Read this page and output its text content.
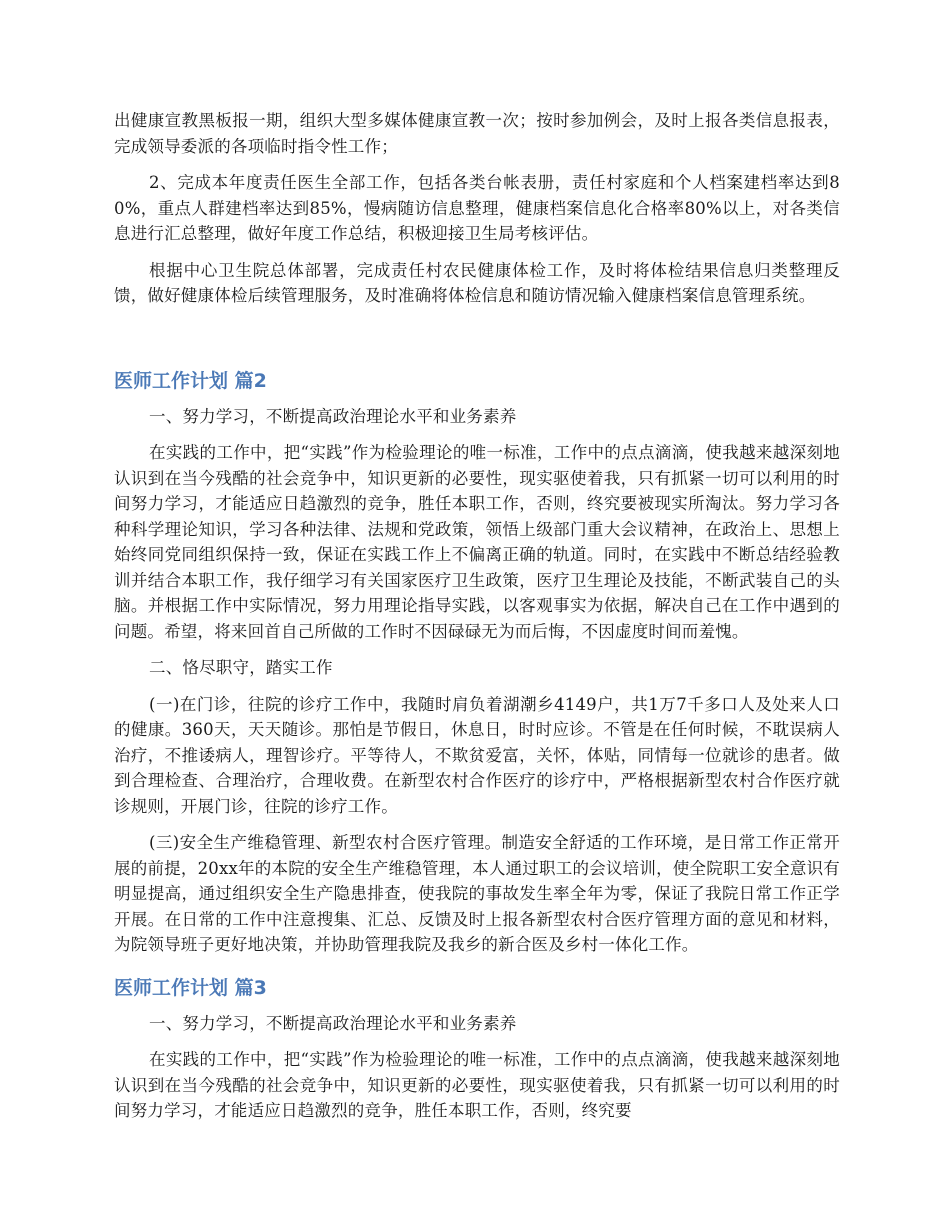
出健康宣教黑板报一期，组织大型多媒体健康宣教一次；按时参加例会，及时上报各类信息报表，完成领导委派的各项临时指令性工作；

2、完成本年度责任医生全部工作，包括各类台帐表册，责任村家庭和个人档案建档率达到80%，重点人群建档率达到85%，慢病随访信息整理，健康档案信息化合格率80%以上，对各类信息进行汇总整理，做好年度工作总结，积极迎接卫生局考核评估。

根据中心卫生院总体部署，完成责任村农民健康体检工作，及时将体检结果信息归类整理反馈，做好健康体检后续管理服务，及时准确将体检信息和随访情况输入健康档案信息管理系统。

医师工作计划 篇2

一、努力学习，不断提高政治理论水平和业务素养

在实践的工作中，把“实践”作为检验理论的唯一标准，工作中的点点滴滴，使我越来越深刻地认识到在当今残酷的社会竞争中，知识更新的必要性，现实驱使着我，只有抓紧一切可以利用的时间努力学习，才能适应日趋激烈的竞争，胜任本职工作，否则，终究要被现实所淘汰。努力学习各种科学理论知识，学习各种法律、法规和党政策，领悟上级部门重大会议精神，在政治上、思想上始终同党同组织保持一致，保证在实践工作上不偏离正确的轨道。同时，在实践中不断总结经验教训并结合本职工作，我仔细学习有关国家医疗卫生政策，医疗卫生理论及技能，不断武装自己的头脑。并根据工作中实际情况，努力用理论指导实践，以客观事实为依据，解决自己在工作中遇到的问题。希望，将来回首自己所做的工作时不因碌碌无为而后悔，不因虚度时间而羞愧。

二、恪尽职守，踏实工作

(一)在门诊，往院的诊疗工作中，我随时肩负着湖潮乡4149户，共1万7千多口人及处来人口的健康。360天，天天随诊。那怕是节假日，休息日，时时应诊。不管是在任何时候，不耽误病人治疗，不推诿病人，理智诊疗。平等待人，不欺贫爱富，关怀，体贴，同情每一位就诊的患者。做到合理检查、合理治疗，合理收费。在新型农村合作医疗的诊疗中，严格根据新型农村合作医疗就诊规则，开展门诊，往院的诊疗工作。

(三)安全生产维稳管理、新型农村合医疗管理。制造安全舒适的工作环境，是日常工作正常开展的前提，20xx年的本院的安全生产维稳管理，本人通过职工的会议培训，使全院职工安全意识有明显提高，通过组织安全生产隐患排查，使我院的事故发生率全年为零，保证了我院日常工作正学开展。在日常的工作中注意搜集、汇总、反馈及时上报各新型农村合医疗管理方面的意见和材料，为院领导班子更好地决策，并协助管理我院及我乡的新合医及乡村一体化工作。

医师工作计划 篇3

一、努力学习，不断提高政治理论水平和业务素养

在实践的工作中，把“实践”作为检验理论的唯一标准，工作中的点点滴滴，使我越来越深刻地认识到在当今残酷的社会竞争中，知识更新的必要性，现实驱使着我，只有抓紧一切可以利用的时间努力学习，才能适应日趋激烈的竞争，胜任本职工作，否则，终究要
